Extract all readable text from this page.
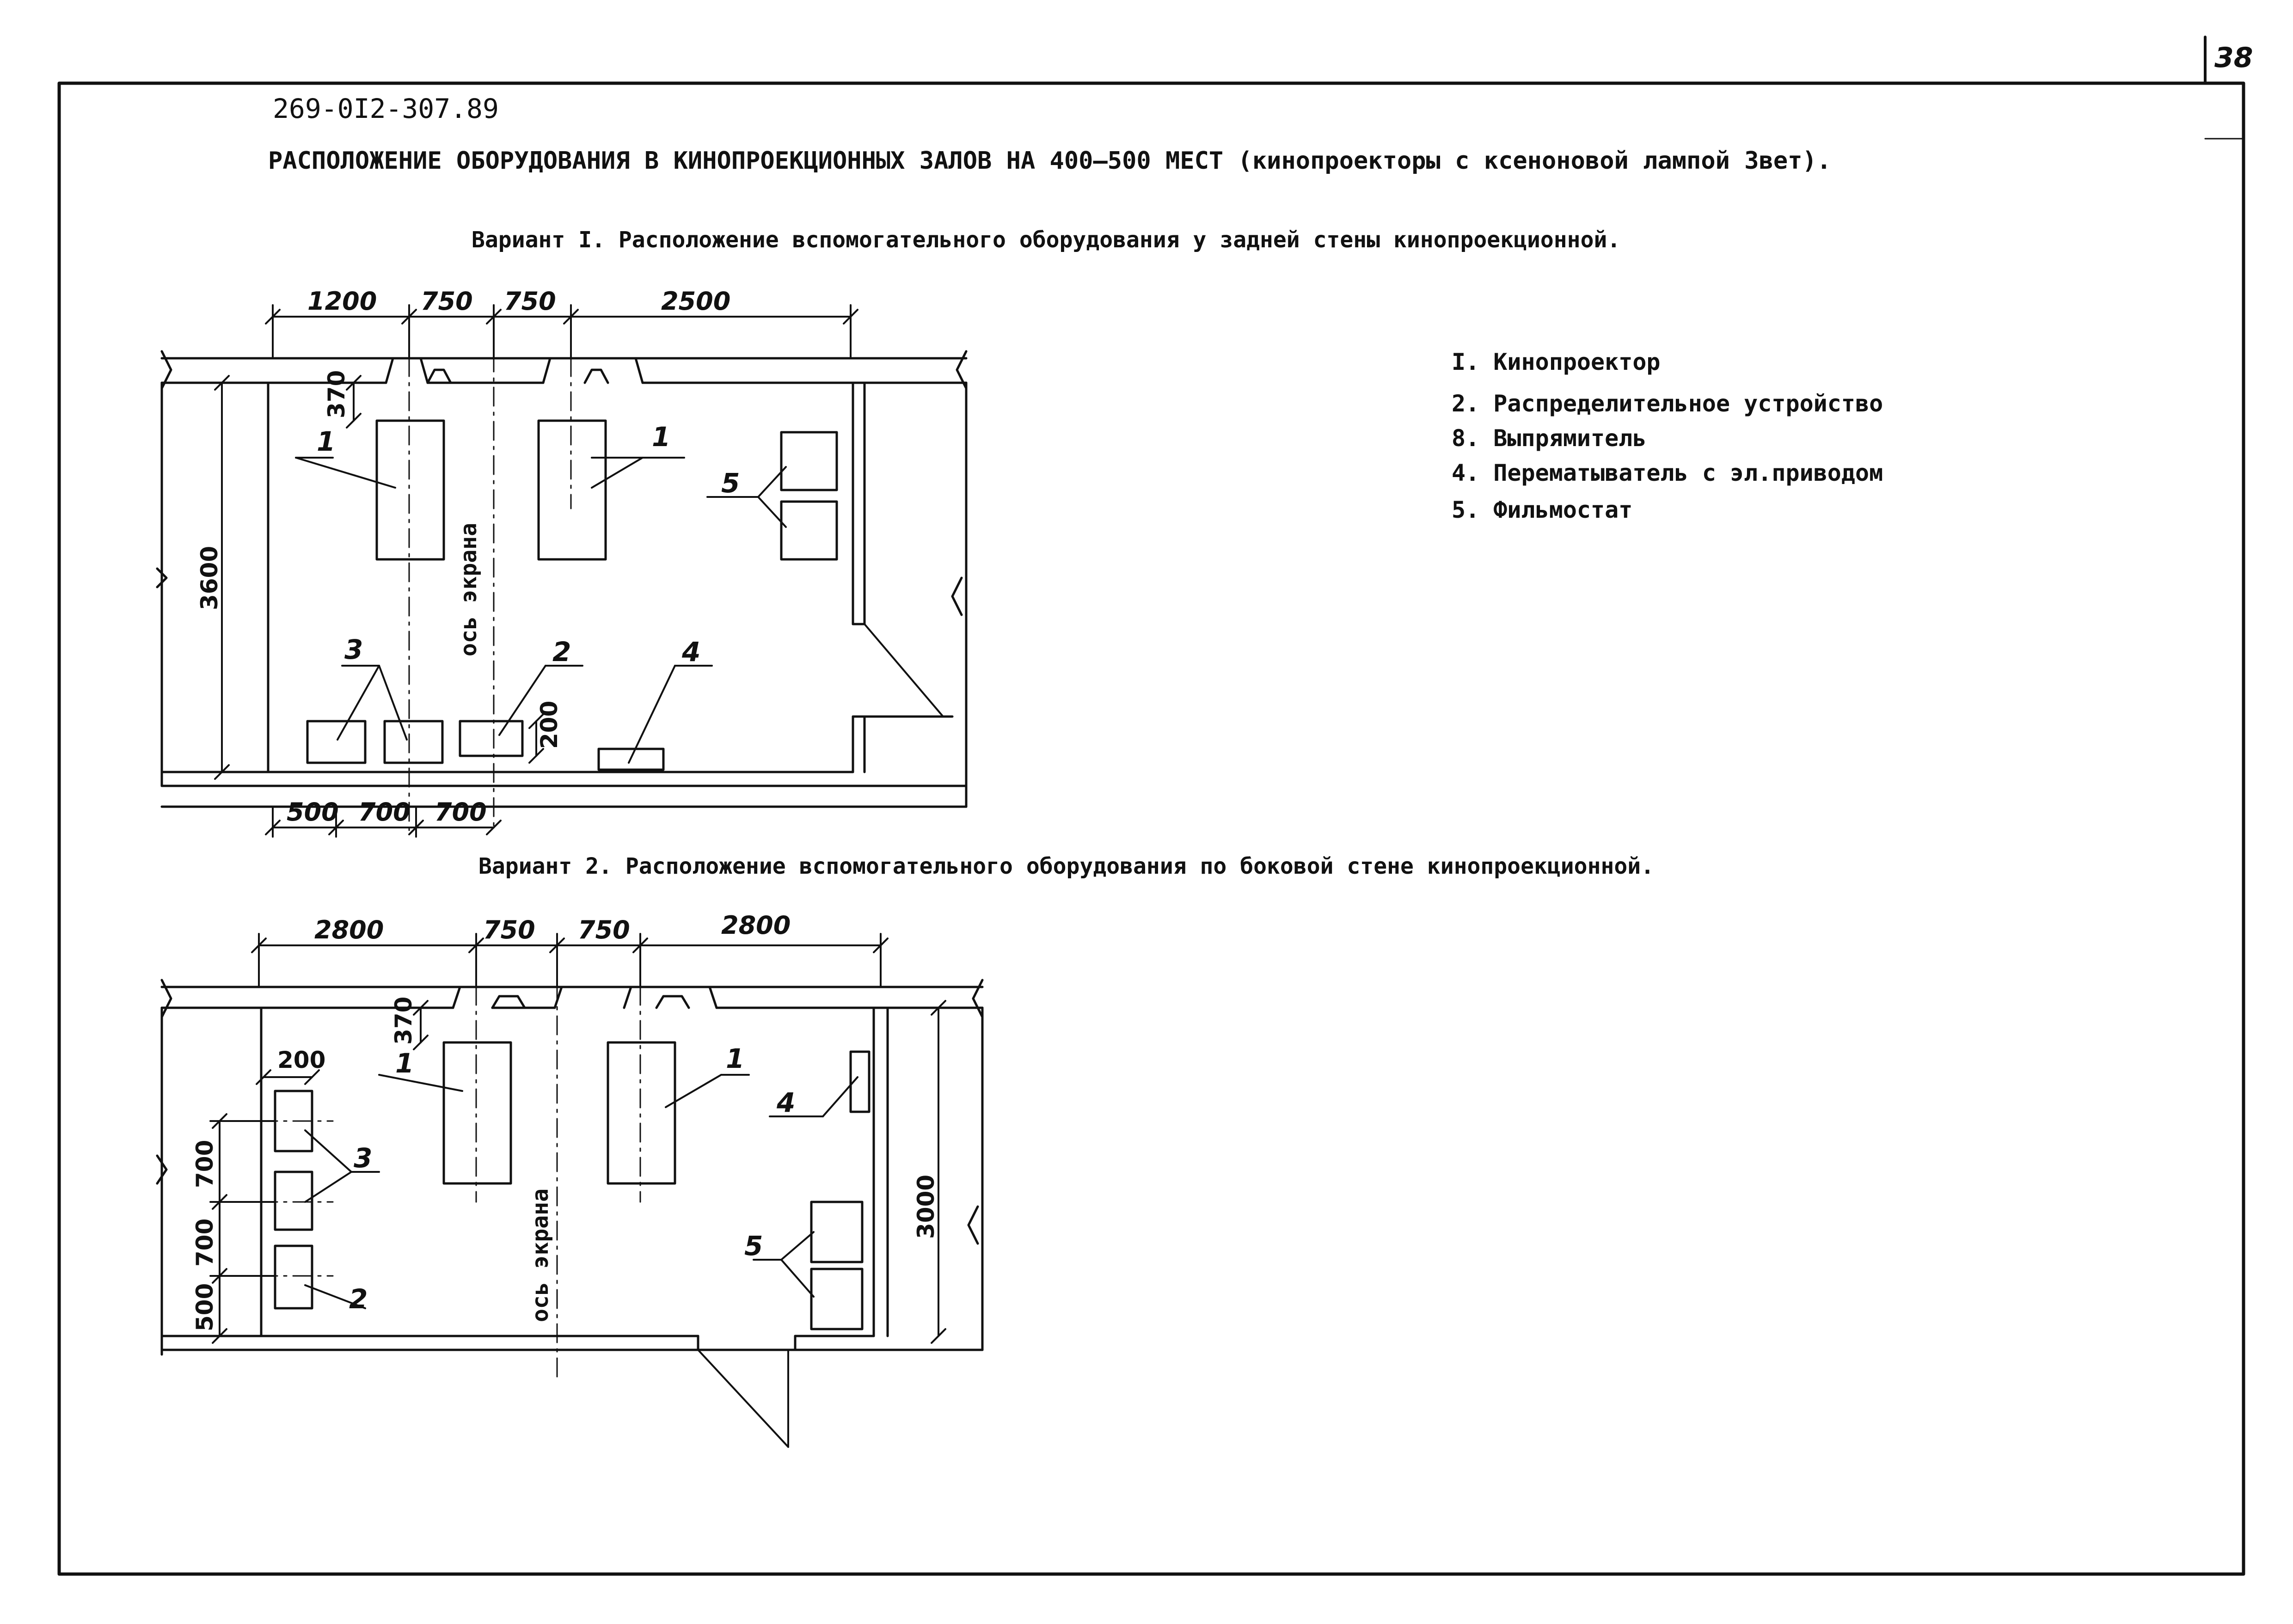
38
269-0I2-307.89
РАСПОЛОЖЕНИЕ ОБОРУДОВАНИЯ В КИНОПРОЕКЦИОННЫХ ЗАЛОВ НА 400–500 МЕСТ (кинопроекторы с ксеноновой лампой Звет).
Вариант I. Расположение вспомогательного оборудования у задней стены кинопроекционной.
Вариант 2. Расположение вспомогательного оборудования по боковой стене кинопроекционной.
I. Кинопроектор
2. Распределительное устройство
8. Выпрямитель
4. Перематыватель с эл.приводом
5. Фильмостат
1200 750 750	2500
3600
370
200
500 700 700
ось экрана
1	1
5
3	2	4
2800	750 750	2800
370
200
700
700
500
3000
ось экрана
1	1
4
3
2
5
